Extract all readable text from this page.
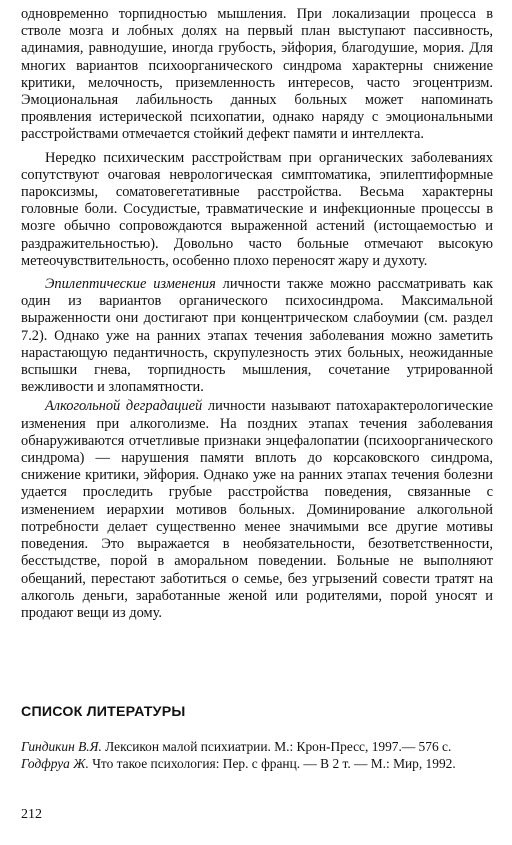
одновременно торпидностью мышления. При локализации процесса в стволе мозга и лобных долях на первый план выступают пассивность, адинамия, равнодушие, иногда грубость, эйфория, благодушие, мория. Для многих вариантов психоорганического синдрома характерны снижение критики, мелочность, приземленность интересов, часто эгоцентризм. Эмоциональная лабильность данных больных может напоминать проявления истерической психопатии, однако наряду с эмоциональными расстройствами отмечается стойкий дефект памяти и интеллекта.

Нередко психическим расстройствам при органических заболеваниях сопутствуют очаговая неврологическая симптоматика, эпилептиформные пароксизмы, соматовегетативные расстройства. Весьма характерны головные боли. Сосудистые, травматические и инфекционные процессы в мозге обычно сопровождаются выраженной астений (истощаемостью и раздражительностью). Довольно часто больные отмечают высокую метеочувствительность, особенно плохо переносят жару и духоту.

Эпилептические изменения личности также можно рассматривать как один из вариантов органического психосиндрома. Максимальной выраженности они достигают при концентрическом слабоумии (см. раздел 7.2). Однако уже на ранних этапах течения заболевания можно заметить нарастающую педантичность, скрупулезность этих больных, неожиданные вспышки гнева, торпидность мышления, сочетание утрированной вежливости и злопамятности.

Алкогольной деградацией личности называют патохарактерологические изменения при алкоголизме. На поздних этапах течения заболевания обнаруживаются отчетливые признаки энцефалопатии (психоорганического синдрома) — нарушения памяти вплоть до корсаковского синдрома, снижение критики, эйфория. Однако уже на ранних этапах течения болезни удается проследить грубые расстройства поведения, связанные с изменением иерархии мотивов больных. Доминирование алкогольной потребности делает существенно менее значимыми все другие мотивы поведения. Это выражается в необязательности, безответственности, бесстыдстве, порой в аморальном поведении. Больные не выполняют обещаний, перестают заботиться о семье, без угрызений совести тратят на алкоголь деньги, заработанные женой или родителями, порой уносят и продают вещи из дому.

СПИСОК ЛИТЕРАТУРЫ

Гиндикин В.Я. Лексикон малой психиатрии. М.: Крон-Пресс, 1997.— 576 с.

Годфруа Ж. Что такое психология: Пер. с франц. — В 2 т. — М.: Мир, 1992.

212
